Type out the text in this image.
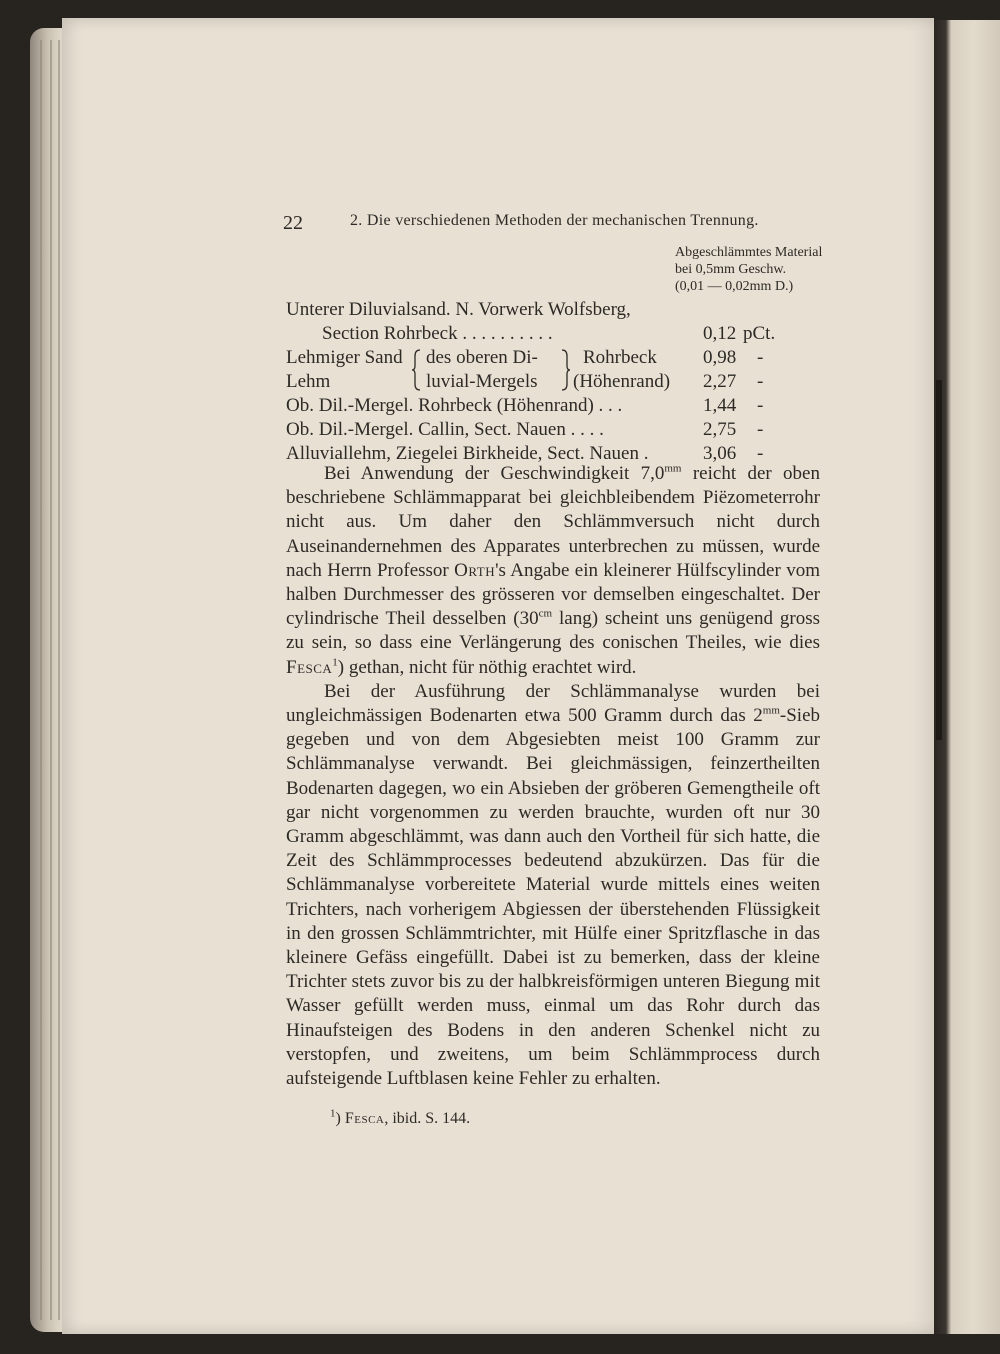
22	2. Die verschiedenen Methoden der mechanischen Trennung.
Abgeschlämmtes Material
bei 0,5mm Geschw.
(0,01 — 0,02mm D.)
Unterer Diluvialsand. N. Vorwerk Wolfsberg,
Section Rohrbeck . . . . . . . . . .	0,12 pCt.
Lehmiger Sand des oberen Di- Rohrbeck 0,98 -
Lehm	luvial-Mergels (Höhenrand) 2,27 -
Ob. Dil.-Mergel. Rohrbeck (Höhenrand) . . .	1,44 -
Ob. Dil.-Mergel. Callin, Sect. Nauen . . . .	2,75 -
Alluviallehm, Ziegelei Birkheide, Sect. Nauen .	3,06 -

Bei Anwendung der Geschwindigkeit $7,0^{mm}$ reicht der oben beschriebene Schlämmapparat bei gleichbleibendem Piëzometerrohr nicht aus. Um daher den Schlämmversuch nicht durch Auseinandernehmen des Apparates unterbrechen zu müssen, wurde nach Herrn Professor Orth's Angabe ein kleinerer Hülfscylinder vom halben Durchmesser des grösseren vor demselben eingeschaltet. Der cylindrische Theil desselben ($30^{cm}$ lang) scheint uns genügend gross zu sein, so dass eine Verlängerung des conischen Theiles, wie dies Fesca$^1$) gethan, nicht für nöthig erachtet wird.

Bei der Ausführung der Schlämmanalyse wurden bei ungleichmässigen Bodenarten etwa 500 Gramm durch das $2^{mm}$-Sieb gegeben und von dem Abgesiebten meist 100 Gramm zur Schlämmanalyse verwandt. Bei gleichmässigen, feinzertheilten Bodenarten dagegen, wo ein Absieben der gröberen Gemengtheile oft gar nicht vorgenommen zu werden brauchte, wurden oft nur 30 Gramm abgeschlämmt, was dann auch den Vortheil für sich hatte, die Zeit des Schlämmprocesses bedeutend abzukürzen. Das für die Schlämmanalyse vorbereitete Material wurde mittels eines weiten Trichters, nach vorherigem Abgiessen der überstehenden Flüssigkeit in den grossen Schlämmtrichter, mit Hülfe einer Spritzflasche in das kleinere Gefäss eingefüllt. Dabei ist zu bemerken, dass der kleine Trichter stets zuvor bis zu der halbkreisförmigen unteren Biegung mit Wasser gefüllt werden muss, einmal um das Rohr durch das Hinaufsteigen des Bodens in den anderen Schenkel nicht zu verstopfen, und zweitens, um beim Schlämmprocess durch aufsteigende Luftblasen keine Fehler zu erhalten.

$^1$) Fesca, ibid. S. 144.
